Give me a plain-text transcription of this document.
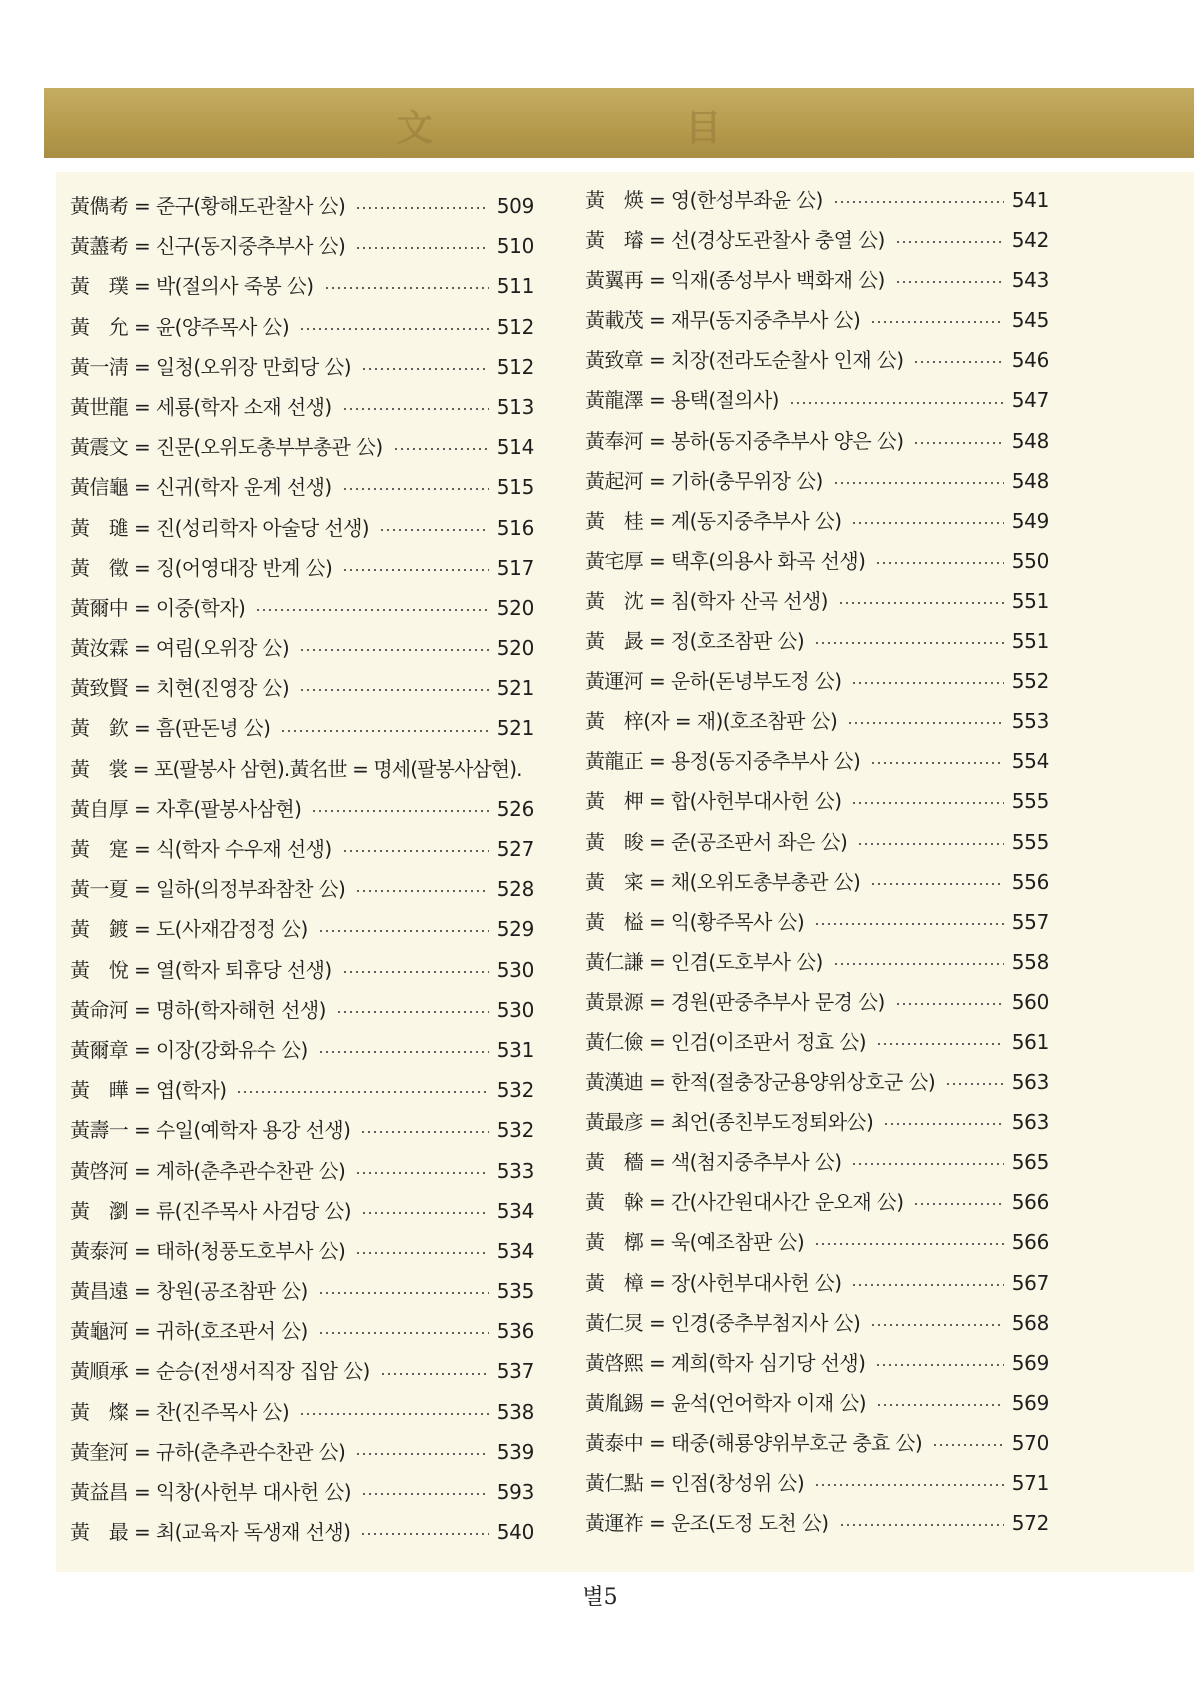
文 目
黃儁耇 = 준구(황해도관찰사 公)	509
黃藎耇 = 신구(동지중추부사 公)	510
黃　璞 = 박(절의사 죽봉 公)	511
黃　允 = 윤(양주목사 公)	512
黃一淸 = 일청(오위장 만회당 公)	512
黃世龍 = 세룡(학자 소재 선생)	513
黃震文 = 진문(오위도총부부총관 公)	514
黃信龜 = 신귀(학자 운계 선생)	515
黃　璡 = 진(성리학자 아술당 선생)	516
黃　徵 = 징(어영대장 반계 公)	517
黃爾中 = 이중(학자)	520
黃汝霖 = 여림(오위장 公)	520
黃致賢 = 치현(진영장 公)	521
黃　欽 = 흠(판돈녕 公)	521
黃　裳 = 포(팔봉사 삼현).黃名世 = 명세(팔봉사삼현).
黃自厚 = 자후(팔봉사삼현)	526
黃　寔 = 식(학자 수우재 선생)	527
黃一夏 = 일하(의정부좌참찬 公)	528
黃　鍍 = 도(사재감정정 公)	529
黃　悅 = 열(학자 퇴휴당 선생)	530
黃命河 = 명하(학자해헌 선생)	530
黃爾章 = 이장(강화유수 公)	531
黃　曄 = 엽(학자)	532
黃壽一 = 수일(예학자 용강 선생)	532
黃啓河 = 계하(춘추관수찬관 公)	533
黃　瀏 = 류(진주목사 사검당 公)	534
黃泰河 = 태하(청풍도호부사 公)	534
黃昌遠 = 창원(공조참판 公)	535
黃龜河 = 귀하(호조판서 公)	536
黃順承 = 순승(전생서직장 집암 公)	537
黃　燦 = 찬(진주목사 公)	538
黃奎河 = 규하(춘추관수찬관 公)	539
黃益昌 = 익창(사헌부 대사헌 公)	593
黃　最 = 최(교육자 독생재 선생)	540
黃　煐 = 영(한성부좌윤 公)	541
黃　璿 = 선(경상도관찰사 충열 公)	542
黃翼再 = 익재(종성부사 백화재 公)	543
黃載茂 = 재무(동지중추부사 公)	545
黃致章 = 치장(전라도순찰사 인재 公)	546
黃龍澤 = 용택(절의사)	547
黃奉河 = 봉하(동지중추부사 양은 公)	548
黃起河 = 기하(충무위장 公)	548
黃　桂 = 계(동지중추부사 公)	549
黃宅厚 = 택후(의용사 화곡 선생)	550
黃　沈 = 침(학자 산곡 선생)	551
黃　晸 = 정(호조참판 公)	551
黃運河 = 운하(돈녕부도정 公)	552
黃　梓(자 = 재)(호조참판 公)	553
黃龍正 = 용정(동지중추부사 公)	554
黃　柙 = 합(사헌부대사헌 公)	555
黃　晙 = 준(공조판서 좌은 公)	555
黃　寀 = 채(오위도총부총관 公)	556
黃　榏 = 익(황주목사 公)	557
黃仁謙 = 인겸(도호부사 公)	558
黃景源 = 경원(판중추부사 문경 公)	560
黃仁儉 = 인검(이조판서 정효 公)	561
黃漢迪 = 한적(절충장군용양위상호군 公)	563
黃最彦 = 최언(종친부도정퇴와公)	563
黃　穡 = 색(첨지중추부사 公)	565
黃　榦 = 간(사간원대사간 운오재 公)	566
黃　槨 = 욱(예조참판 公)	566
黃　樟 = 장(사헌부대사헌 公)	567
黃仁炅 = 인경(중추부첨지사 公)	568
黃啓熙 = 계희(학자 심기당 선생)	569
黃胤錫 = 윤석(언어학자 이재 公)	569
黃泰中 = 태중(해룡양위부호군 충효 公)	570
黃仁點 = 인점(창성위 公)	571
黃運祚 = 운조(도정 도천 公)	572
별5
